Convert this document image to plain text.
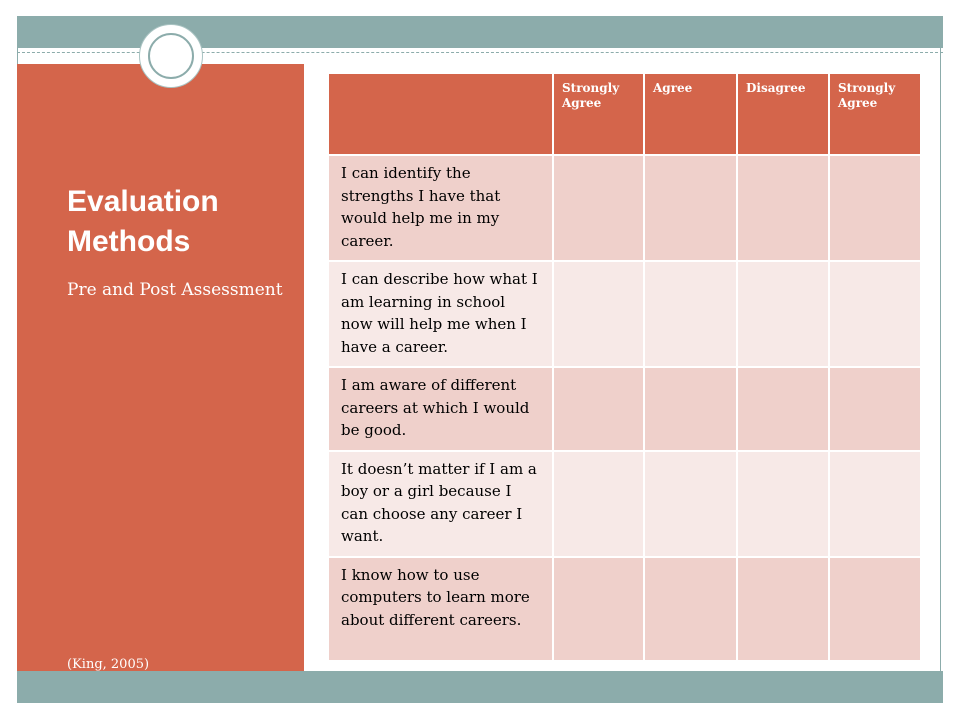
Evaluation Methods

Pre and Post Assessment

(King, 2005)

	Strongly Agree	Agree	Disagree	Strongly Agree
I can identify the strengths I have that would help me in my career.				
I can describe how what I am learning in school now will help me when I have a career.				
I am aware of different careers at which I would be good.				
It doesn’t matter if I am a boy or a girl because I can choose any career I want.				
I know how to use computers to learn more about different careers.				
